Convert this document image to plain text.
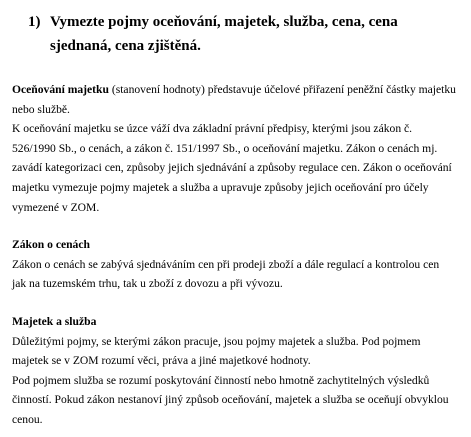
1) Vymezte pojmy oceňování, majetek, služba, cena, cena sjednaná, cena zjištěná.
Oceňování majetku (stanovení hodnoty) představuje účelové přiřazení peněžní částky majetku
nebo službě.
K oceňování majetku se úzce váží dva základní právní předpisy, kterými jsou zákon č.
526/1990 Sb., o cenách, a zákon č. 151/1997 Sb., o oceňování majetku. Zákon o cenách mj.
zavádí kategorizaci cen, způsoby jejich sjednávání a způsoby regulace cen. Zákon o oceňování
majetku vymezuje pojmy majetek a služba a upravuje způsoby jejich oceňování pro účely
vymezené v ZOM.
Zákon o cenách
Zákon o cenách se zabývá sjednáváním cen při prodeji zboží a dále regulací a kontrolou cen
jak na tuzemském trhu, tak u zboží z dovozu a při vývozu.
Majetek a služba
Důležitými pojmy, se kterými zákon pracuje, jsou pojmy majetek a služba. Pod pojmem
majetek se v ZOM rozumí věci, práva a jiné majetkové hodnoty.
Pod pojmem služba se rozumí poskytování činností nebo hmotně zachytitelných výsledků
činností. Pokud zákon nestanoví jiný způsob oceňování, majetek a služba se oceňují obvyklou
cenou.
